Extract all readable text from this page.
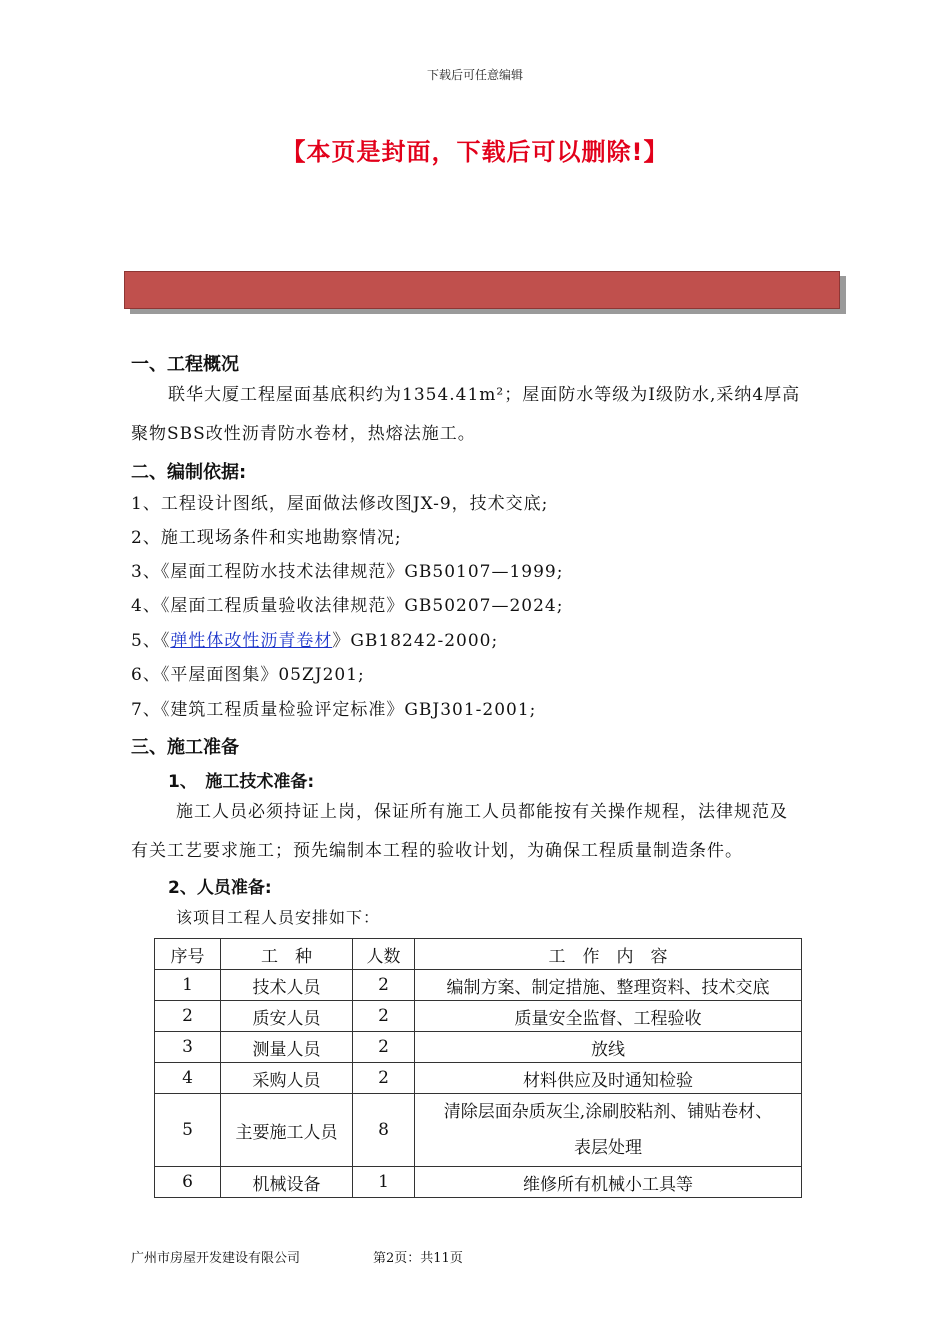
下载后可任意编辑
【本页是封面，下载后可以删除!】
一、工程概况
联华大厦工程屋面基底积约为1354.41m²；屋面防水等级为Ⅰ级防水,采纳4厚高
聚物SBS改性沥青防水卷材，热熔法施工。
二、编制依据:
1、工程设计图纸，屋面做法修改图JX-9，技术交底;
2、施工现场条件和实地勘察情况;
3、《屋面工程防水技术法律规范》GB50107—1999;
4、《屋面工程质量验收法律规范》GB50207—2024;
5、《弹性体改性沥青卷材》GB18242-2000;
6、《平屋面图集》05ZJ201;
7、《建筑工程质量检验评定标准》GBJ301-2001;
三、施工准备
1、　施工技术准备:
施工人员必须持证上岗，保证所有施工人员都能按有关操作规程，法律规范及
有关工艺要求施工；预先编制本工程的验收计划，为确保工程质量制造条件。
2、人员准备:
该项目工程人员安排如下：
序号	工　种	人数	工　作　内　容
1	技术人员	2	编制方案、制定措施、整理资料、技术交底
2	质安人员	2	质量安全监督、工程验收
3	测量人员	2	放线
4	采购人员	2	材料供应及时通知检验
5	主要施工人员	8	清除层面杂质灰尘,涂刷胶粘剂、铺贴卷材、表层处理
6	机械设备	1	维修所有机械小工具等
广州市房屋开发建设有限公司	第2页：共11页
